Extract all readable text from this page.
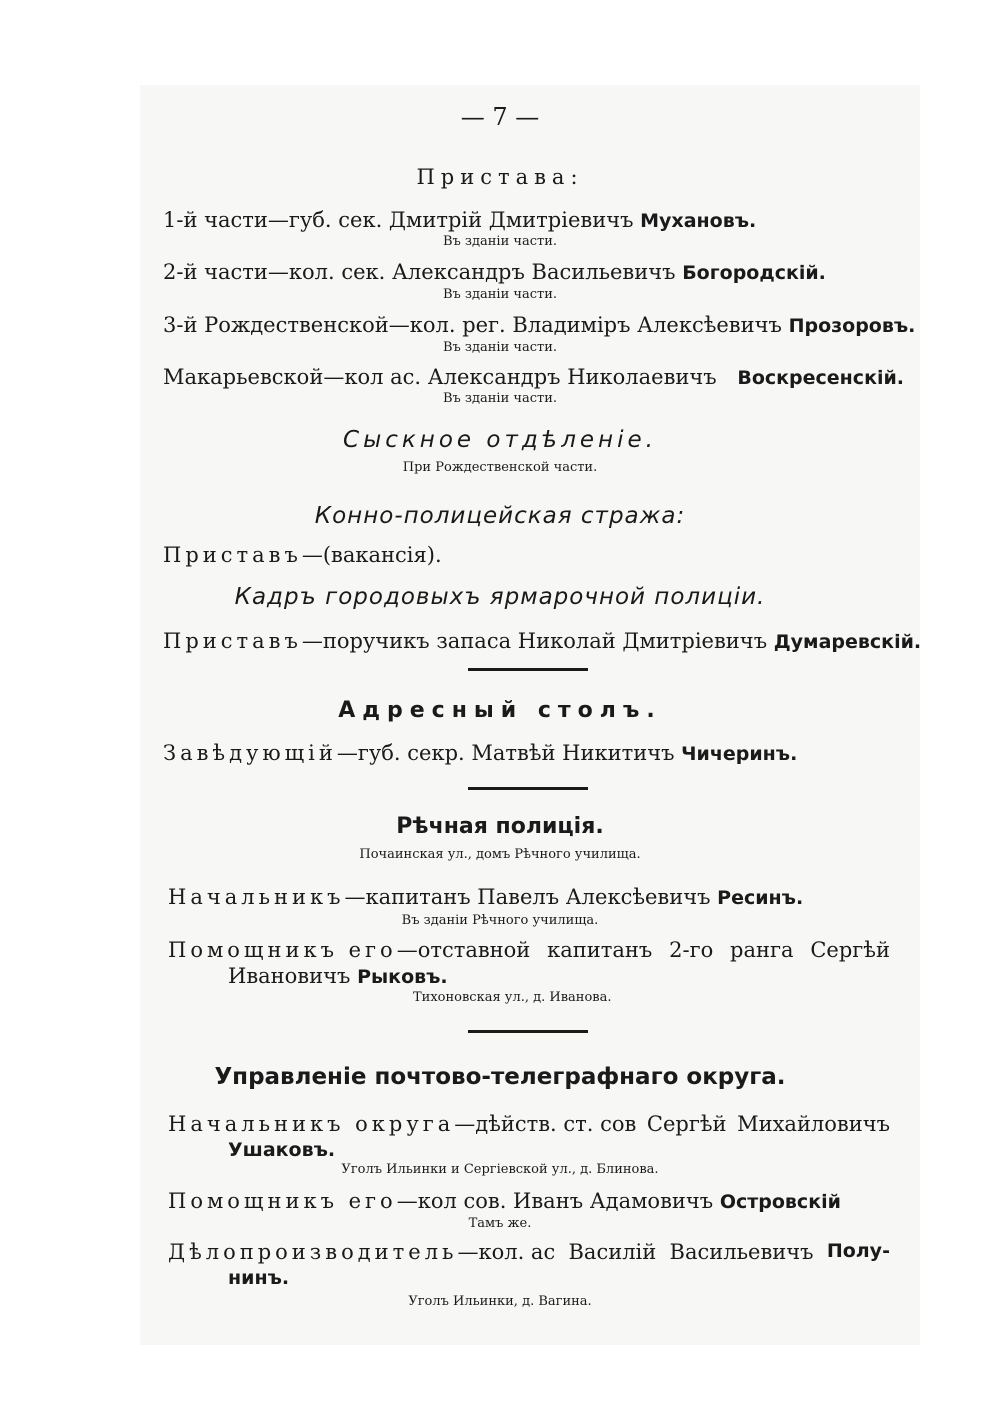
— 7 —
Пристава:
1-й части—губ. сек. Дмитрій Дмитріевичъ Мухановъ.
Въ зданіи части.
2-й части—кол. сек. Александръ Васильевичъ Богородскій.
Въ зданіи части.
3-й Рождественской—кол. рег. Владиміръ Алексѣевичъ Прозоровъ.
Въ зданіи части.
Макарьевской—кол ас. Александръ Николаевичъ Воскресенскій.
Въ зданіи части.
Сыскное отдѣленіе.
При Рождественской части.
Конно-полицейская стража:
Приставъ—(вакансія).
Кадръ городовыхъ ярмарочной полиціи.
Приставъ—поручикъ запаса Николай Дмитріевичъ Думаревскій.
Адресный столъ.
Завѣдующій—губ. секр. Матвѣй Никитичъ Чичеринъ.
Рѣчная полиція.
Почаинская ул., домъ Рѣчного училища.
Начальникъ—капитанъ Павелъ Алексѣевичъ Ресинъ.
Въ зданіи Рѣчного училища.
Помощникъ его—отставной капитанъ 2-го ранга Сергѣй
Ивановичъ Рыковъ.
Тихоновская ул., д. Иванова.
Управленіе почтово-телеграфнаго округа.
Начальникъ округа—дѣйств. ст. сов Сергѣй Михайловичъ
Ушаковъ.
Уголъ Ильинки и Сергіевской ул., д. Блинова.
Помощникъ его—кол сов. Иванъ Адамовичъ Островскій
Тамъ же.
Дѣлопроизводитель—кол. ас Василій Васильевичъ Полу-
нинъ.
Уголъ Ильинки, д. Вагина.
